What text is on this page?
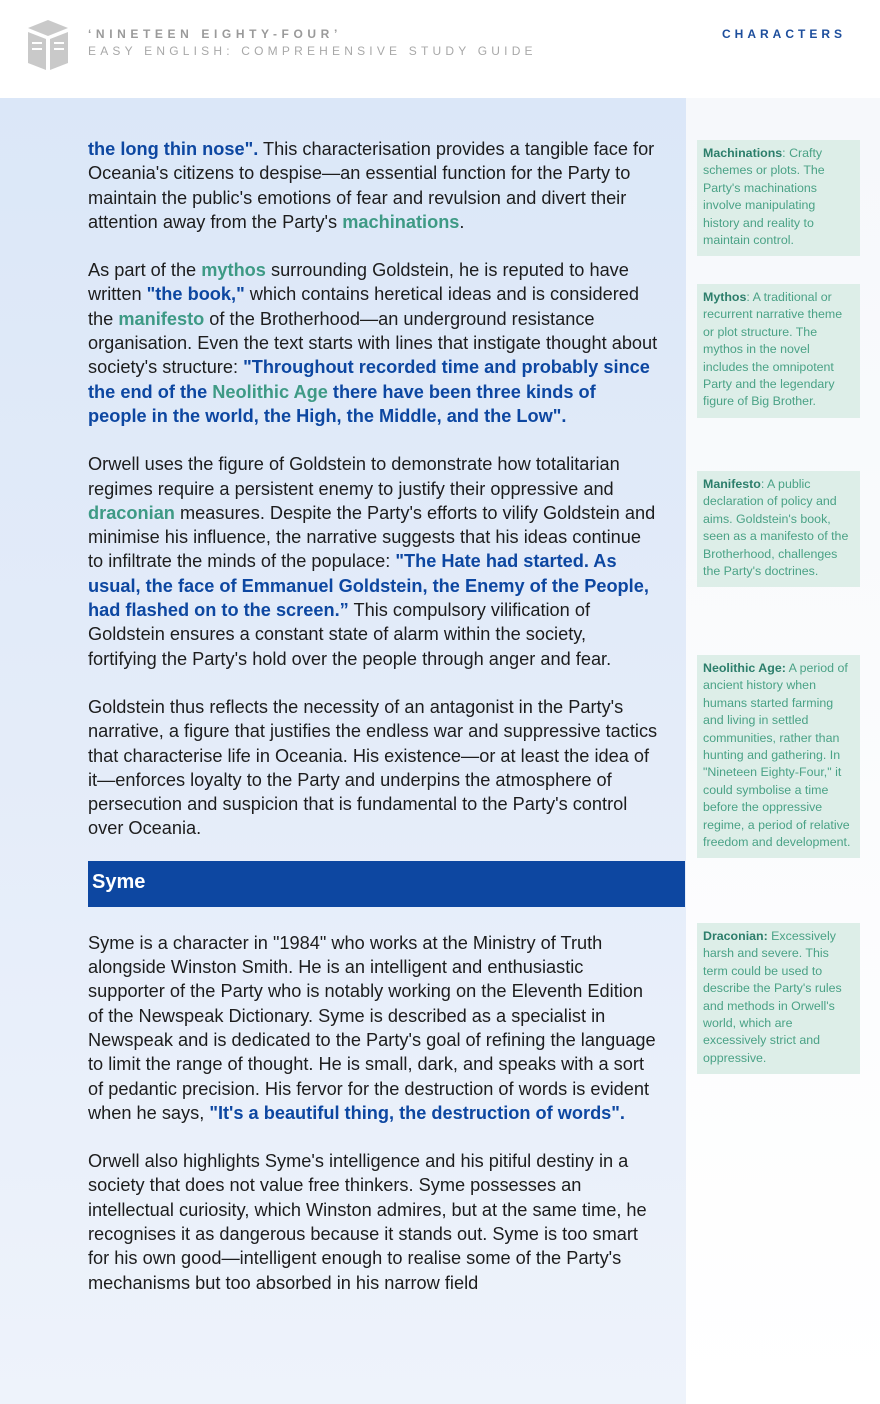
‘NINETEEN EIGHTY-FOUR’
EASY ENGLISH: COMPREHENSIVE STUDY GUIDE
CHARACTERS

the long thin nose". This characterisation provides a tangible face for Oceania's citizens to despise—an essential function for the Party to maintain the public's emotions of fear and revulsion and divert their attention away from the Party's machinations.

As part of the mythos surrounding Goldstein, he is reputed to have written "the book," which contains heretical ideas and is considered the manifesto of the Brotherhood—an underground resistance organisation. Even the text starts with lines that instigate thought about society's structure: "Throughout recorded time and probably since the end of the Neolithic Age there have been three kinds of people in the world, the High, the Middle, and the Low".

Orwell uses the figure of Goldstein to demonstrate how totalitarian regimes require a persistent enemy to justify their oppressive and draconian measures. Despite the Party's efforts to vilify Goldstein and minimise his influence, the narrative suggests that his ideas continue to infiltrate the minds of the populace: "The Hate had started. As usual, the face of Emmanuel Goldstein, the Enemy of the People, had flashed on to the screen.” This compulsory vilification of Goldstein ensures a constant state of alarm within the society, fortifying the Party's hold over the people through anger and fear.

Goldstein thus reflects the necessity of an antagonist in the Party's narrative, a figure that justifies the endless war and suppressive tactics that characterise life in Oceania. His existence—or at least the idea of it—enforces loyalty to the Party and underpins the atmosphere of persecution and suspicion that is fundamental to the Party's control over Oceania.

Syme

Syme is a character in "1984" who works at the Ministry of Truth alongside Winston Smith. He is an intelligent and enthusiastic supporter of the Party who is notably working on the Eleventh Edition of the Newspeak Dictionary. Syme is described as a specialist in Newspeak and is dedicated to the Party's goal of refining the language to limit the range of thought. He is small, dark, and speaks with a sort of pedantic precision. His fervor for the destruction of words is evident when he says, "It's a beautiful thing, the destruction of words".

Orwell also highlights Syme's intelligence and his pitiful destiny in a society that does not value free thinkers. Syme possesses an intellectual curiosity, which Winston admires, but at the same time, he recognises it as dangerous because it stands out. Syme is too smart for his own good—intelligent enough to realise some of the Party's mechanisms but too absorbed in his narrow field

Machinations: Crafty schemes or plots. The Party's machinations involve manipulating history and reality to maintain control.
Mythos: A traditional or recurrent narrative theme or plot structure. The mythos in the novel includes the omnipotent Party and the legendary figure of Big Brother.
Manifesto: A public declaration of policy and aims. Goldstein's book, seen as a manifesto of the Brotherhood, challenges the Party's doctrines.
Neolithic Age: A period of ancient history when humans started farming and living in settled communities, rather than hunting and gathering. In "Nineteen Eighty-Four," it could symbolise a time before the oppressive regime, a period of relative freedom and development.
Draconian: Excessively harsh and severe. This term could be used to describe the Party's rules and methods in Orwell's world, which are excessively strict and oppressive.
